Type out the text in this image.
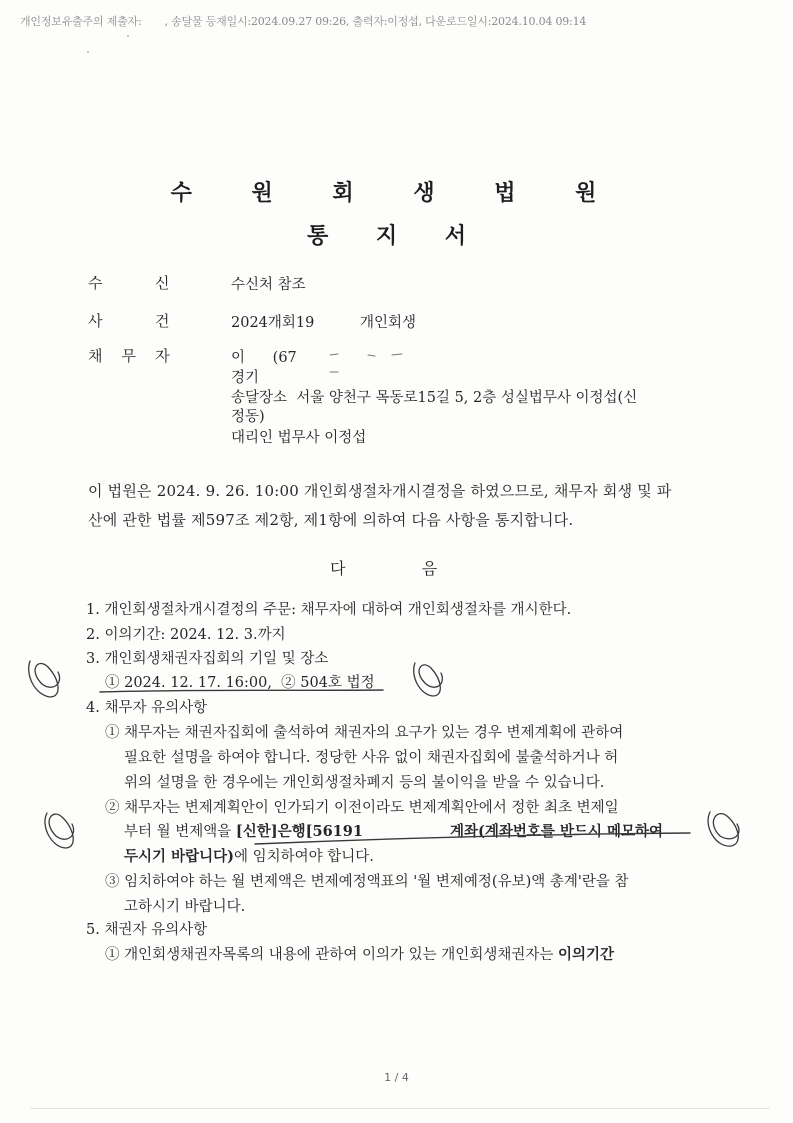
개인정보유출주의 제출자:       , 송달물 등재일시:2024.09.27 09:26, 출력자:이정섭, 다운로드일시:2024.10.04 09:14
수 원 회 생 법 원
통 지 서
수           신	수신처 참조
사           건	2024개회19	개인회생
채    무    자	이      (67
경기
송달장소  서울 양천구 목동로15길 5, 2층 성실법무사 이정섭(신
정동)
대리인 법무사 이정섭
이 법원은 2024. 9. 26. 10:00 개인회생절차개시결정을 하였으므로, 채무자 회생 및 파
산에 관한 법률 제597조 제2항, 제1항에 의하여 다음 사항을 통지합니다.
다               음
1. 개인회생절차개시결정의 주문: 채무자에 대하여 개인회생절차를 개시한다.
2. 이의기간: 2024. 12. 3.까지
3. 개인회생채권자집회의 기일 및 장소
① 2024. 12. 17. 16:00,  ② 504호 법정
4. 채무자 유의사항
① 채무자는 채권자집회에 출석하여 채권자의 요구가 있는 경우 변제계획에 관하여
필요한 설명을 하여야 합니다. 정당한 사유 없이 채권자집회에 불출석하거나 허
위의 설명을 한 경우에는 개인회생절차폐지 등의 불이익을 받을 수 있습니다.
② 채무자는 변제계획안이 인가되기 이전이라도 변제계획안에서 정한 최초 변제일
부터 월 변제액을 [신한]은행[56191	계좌(계좌번호를 반드시 메모하여
두시기 바랍니다)에 임치하여야 합니다.
③ 임치하여야 하는 월 변제액은 변제예정액표의 '월 변제예정(유보)액 총계'란을 참
고하시기 바랍니다.
5. 채권자 유의사항
① 개인회생채권자목록의 내용에 관하여 이의가 있는 개인회생채권자는 이의기간
1 / 4
